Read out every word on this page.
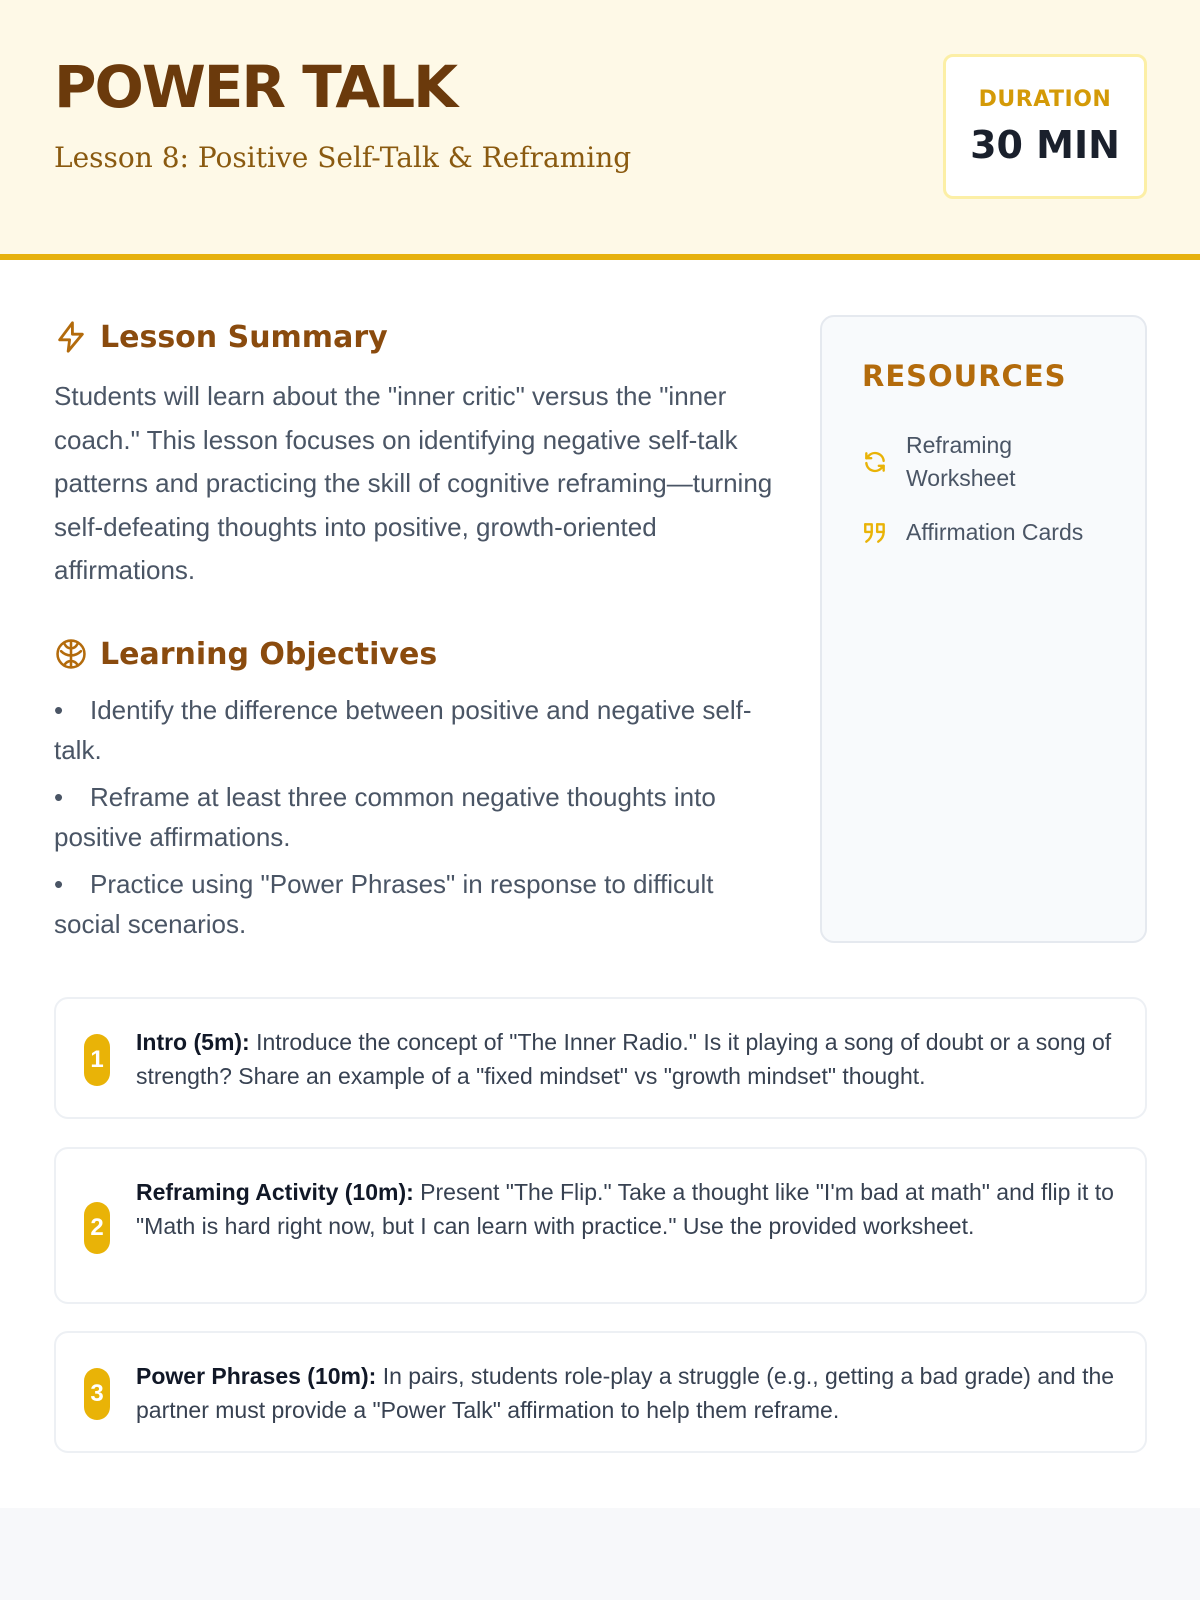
POWER TALK
Lesson 8: Positive Self-Talk & Reframing
DURATION
30 MIN
Lesson Summary
Students will learn about the "inner critic" versus the "inner coach." This lesson focuses on identifying negative self-talk patterns and practicing the skill of cognitive reframing—turning self-defeating thoughts into positive, growth-oriented affirmations.
Learning Objectives
• Identify the difference between positive and negative self-talk.
• Reframe at least three common negative thoughts into positive affirmations.
• Practice using "Power Phrases" in response to difficult social scenarios.
RESOURCES
Reframing Worksheet
Affirmation Cards
1
Intro (5m): Introduce the concept of "The Inner Radio." Is it playing a song of doubt or a song of strength? Share an example of a "fixed mindset" vs "growth mindset" thought.
2
Reframing Activity (10m): Present "The Flip." Take a thought like "I'm bad at math" and flip it to "Math is hard right now, but I can learn with practice." Use the provided worksheet.
3
Power Phrases (10m): In pairs, students role-play a struggle (e.g., getting a bad grade) and the partner must provide a "Power Talk" affirmation to help them reframe.
